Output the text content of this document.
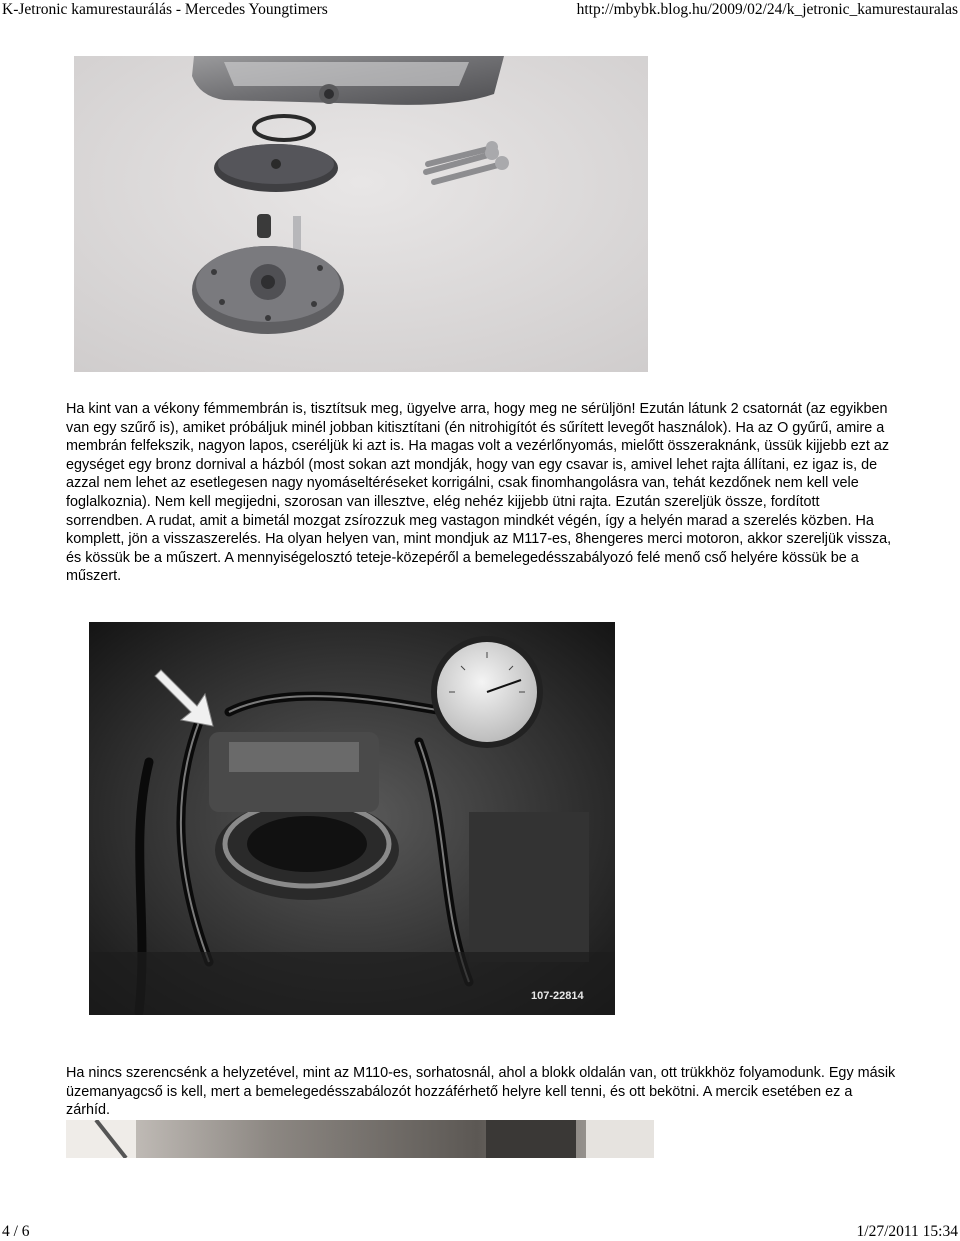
K-Jetronic kamurestaurálás - Mercedes Youngtimers	http://mbybk.blog.hu/2009/02/24/k_jetronic_kamurestauralas

Ha kint van a vékony fémmembrán is, tisztítsuk meg, ügyelve arra, hogy meg ne sérüljön! Ezután látunk 2 csatornát (az egyikben van egy szűrő is), amiket próbáljuk minél jobban kitisztítani (én nitrohigítót és sűrített levegőt használok). Ha az O gyűrű, amire a membrán felfekszik, nagyon lapos, cseréljük ki azt is. Ha magas volt a vezérlőnyomás, mielőtt összeraknánk, üssük kijjebb ezt az egységet egy bronz dornival a házból (most sokan azt mondják, hogy van egy csavar is, amivel lehet rajta állítani, ez igaz is, de azzal nem lehet az esetlegesen nagy nyomáseltéréseket korrigálni, csak finomhangolásra van, tehát kezdőnek nem kell vele foglalkoznia). Nem kell megijedni, szorosan van illesztve, elég nehéz kijjebb ütni rajta. Ezután szereljük össze, fordított sorrendben. A rudat, amit a bimetál mozgat zsírozzuk meg vastagon mindkét végén, így a helyén marad a szerelés közben. Ha komplett, jön a visszaszerelés. Ha olyan helyen van, mint mondjuk az M117-es, 8hengeres merci motoron, akkor szereljük vissza, és kössük be a műszert. A mennyiségelosztó teteje-közepéről a bemelegedésszabályozó felé menő cső helyére kössük be a műszert.

107-22814

Ha nincs szerencsénk a helyzetével, mint az M110-es, sorhatosnál, ahol a blokk oldalán van, ott trükkhöz folyamodunk. Egy másik üzemanyagcső is kell, mert a bemelegedésszabálozót hozzáférhető helyre kell tenni, és ott bekötni. A mercik esetében ez a zárhíd.

4 / 6	1/27/2011 15:34
